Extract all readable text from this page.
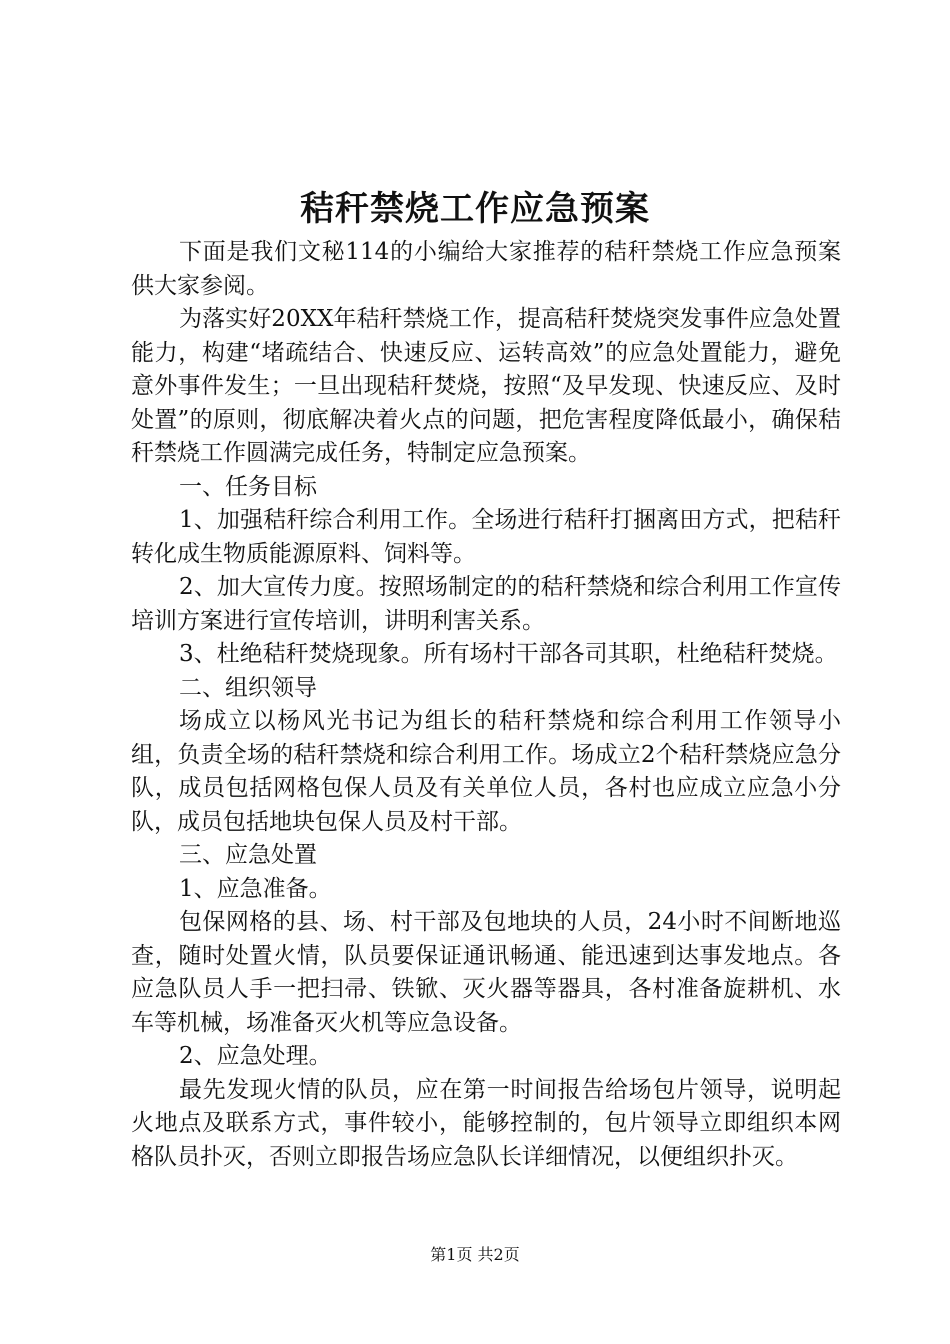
秸秆禁烧工作应急预案

下面是我们文秘114的小编给大家推荐的秸秆禁烧工作应急预案供大家参阅。

为落实好20XX年秸秆禁烧工作，提高秸秆焚烧突发事件应急处置能力，构建“堵疏结合、快速反应、运转高效”的应急处置能力，避免意外事件发生；一旦出现秸秆焚烧，按照“及早发现、快速反应、及时处置”的原则，彻底解决着火点的问题，把危害程度降低最小，确保秸秆禁烧工作圆满完成任务，特制定应急预案。

一、任务目标

1、加强秸秆综合利用工作。全场进行秸秆打捆离田方式，把秸秆转化成生物质能源原料、饲料等。

2、加大宣传力度。按照场制定的的秸秆禁烧和综合利用工作宣传培训方案进行宣传培训，讲明利害关系。

3、杜绝秸秆焚烧现象。所有场村干部各司其职，杜绝秸秆焚烧。

二、组织领导

场成立以杨风光书记为组长的秸秆禁烧和综合利用工作领导小组，负责全场的秸秆禁烧和综合利用工作。场成立2个秸秆禁烧应急分队，成员包括网格包保人员及有关单位人员，各村也应成立应急小分队，成员包括地块包保人员及村干部。

三、应急处置

1、应急准备。

包保网格的县、场、村干部及包地块的人员，24小时不间断地巡查，随时处置火情，队员要保证通讯畅通、能迅速到达事发地点。各应急队员人手一把扫帚、铁锨、灭火器等器具，各村准备旋耕机、水车等机械，场准备灭火机等应急设备。

2、应急处理。

最先发现火情的队员，应在第一时间报告给场包片领导，说明起火地点及联系方式，事件较小，能够控制的，包片领导立即组织本网格队员扑灭，否则立即报告场应急队长详细情况，以便组织扑灭。

第1页 共2页
